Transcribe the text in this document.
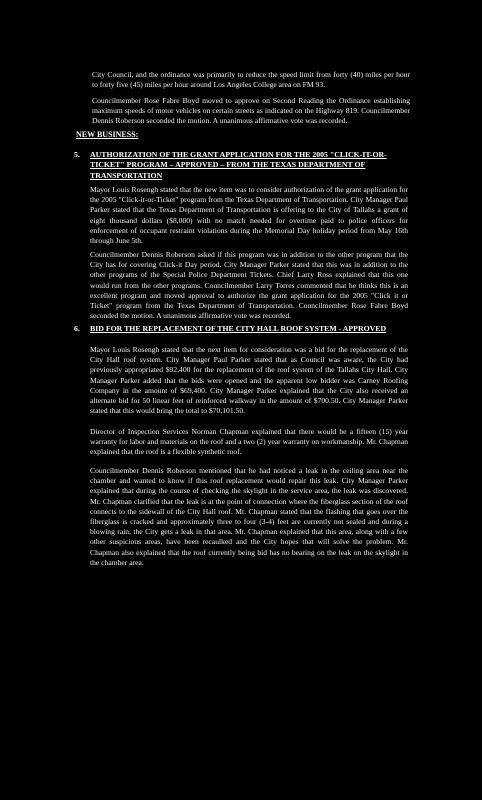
City Council, and the ordinance was primarily to reduce the speed limit from forty (40) miles per hour to forty five (45) miles per hour around Los Angeles College area on FM 93.
Councilmember Rose Fabre Boyd moved to approve on Second Reading the Ordinance establishing maximum speeds of motor vehicles on certain streets as indicated on the Highway 819. Councilmember Dennis Roberson seconded the motion. A unanimous affirmative vote was recorded.
NEW BUSINESS:
5. AUTHORIZATION OF THE GRANT APPLICATION FOR THE 2005 "CLICK-IT-OR-TICKET" PROGRAM – APPROVED – FROM THE TEXAS DEPARTMENT OF TRANSPORTATION
Mayor Louis Rosengh stated that the new item was to consider authorization of the grant application for the 2005 "Click-it-or-Ticket" program from the Texas Department of Transportation. City Manager Paul Parker stated that the Texas Department of Transportation is offering to the City of Tallahs a grant of eight thousand dollars ($8,000) with no match needed for overtime paid to police officers for enforcement of occupant restraint violations during the Memorial Day holiday period from May 16th through June 5th.
Councilmember Dennis Roberson asked if this program was in addition to the other program that the City has for covering Click-it Day period. City Manager Parker stated that this was in addition to the other programs of the Special Police Department Tickets. Chief Larry Ross explained that this one would run from the other programs. Councilmember Larry Torres commented that he thinks this is an excellent program and moved approval to authorize the grant application for the 2005 "Click it or Ticket" program from the Texas Department of Transportation. Councilmember Rose Fabre Boyd seconded the motion. A unanimous affirmative vote was recorded.
6. BID FOR THE REPLACEMENT OF THE CITY HALL ROOF SYSTEM - APPROVED
Mayor Louis Rosengh stated that the next item for consideration was a bid for the replacement of the City Hall roof system. City Manager Paul Parker stated that as Council was aware, the City had previously appropriated $92,400 for the replacement of the roof system of the Tallahs City Hall. City Manager Parker added that the bids were opened and the apparent low bidder was Carney Roofing Company in the amount of $69,400. City Manager Parker explained that the City also received an alternate bid for 50 linear feet of reinforced walkway in the amount of $700.50. City Manager Parker stated that this would bring the total to $70,101.50.
Director of Inspection Services Norman Chapman explained that there would be a fifteen (15) year warranty for labor and materials on the roof and a two (2) year warranty on workmanship. Mr. Chapman explained that the roof is a flexible synthetic roof.
Councilmember Dennis Roberson mentioned that he had noticed a leak in the ceiling area near the chamber and wanted to know if this roof replacement would repair this leak. City Manager Parker explained that during the course of checking the skylight in the service area, the leak was discovered. Mr. Chapman clarified that the leak is at the point of connection where the fiberglass section of the roof connects to the sidewall of the City Hall roof. Mr. Chapman stated that the flashing that goes over the fiberglass is cracked and approximately three to four (3-4) feet are currently not sealed and during a blowing rain, the City gets a leak in that area. Mr. Chapman explained that this area, along with a few other suspicious areas, have been recaulked and the City hopes that will solve the problem. Mr. Chapman also explained that the roof currently being bid has no bearing on the leak on the skylight in the chamber area.
